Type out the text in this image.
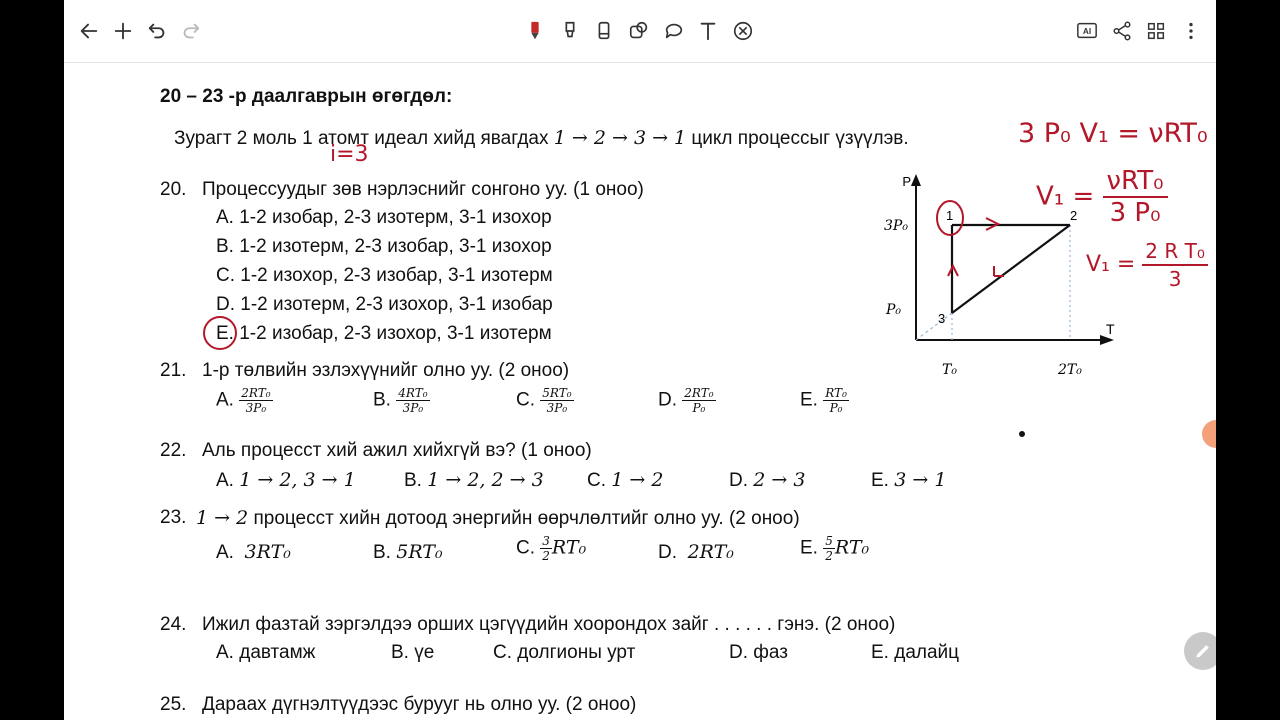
AI
20 – 23 -р даалгаврын өгөгдөл:
Зурагт 2 моль 1 атомт идеал хийд явагдах 1 → 2 → 3 → 1 цикл процессыг үзүүлэв.
20. Процессуудыг зөв нэрлэснийг сонгоно уу. (1 оноо)
A. 1-2 изобар, 2-3 изотерм, 3-1 изохор
B. 1-2 изотерм, 2-3 изобар, 3-1 изохор
C. 1-2 изохор, 2-3 изобар, 3-1 изотерм
D. 1-2 изотерм, 2-3 изохор, 3-1 изобар
E. 1-2 изобар, 2-3 изохор, 3-1 изотерм
21. 1-р төлвийн эзлэхүүнийг олно уу. (2 оноо)
A. $\frac{\text{2RT₀}}{\text{3P₀}}$	B. $\frac{\text{4RT₀}}{\text{3P₀}}$	C. $\frac{\text{5RT₀}}{\text{3P₀}}$	D. $\frac{\text{2RT₀}}{\text{P₀}}$	E. $\frac{\text{RT₀}}{\text{P₀}}$
22. Аль процесст хий ажил хийхгүй вэ? (1 оноо)
A. 1 → 2, 3 → 1	B. 1 → 2, 2 → 3 C. 1 → 2	D. 2 → 3	E. 3 → 1
23. 1 → 2 процесст хийн дотоод энергийн өөрчлөлтийг олно уу. (2 оноо)
A. 3RT₀	B. 5RT₀	C. $\frac{3}{2} RT_0$	D. 2RT₀	E. $\frac{5}{2} RT_0$
24. Ижил фазтай зэргэлдээ орших цэгүүдийн хоорондох зайг . . . . . . гэнэ. (2 оноо)
A. давтамж	B. үе	C. долгионы урт	D. фаз	E. далайц
25. Дараах дүгнэлтүүдээс бурууг нь олно уу. (2 оноо)
P
T
3P₀
P₀
T₀	2T₀
1	2
3
i=3
3 P₀ V₁ = νRT₀
V₁ =
νRT₀
3 P₀
$V_1 = \frac{\text{2 R T₀}}{3}$
